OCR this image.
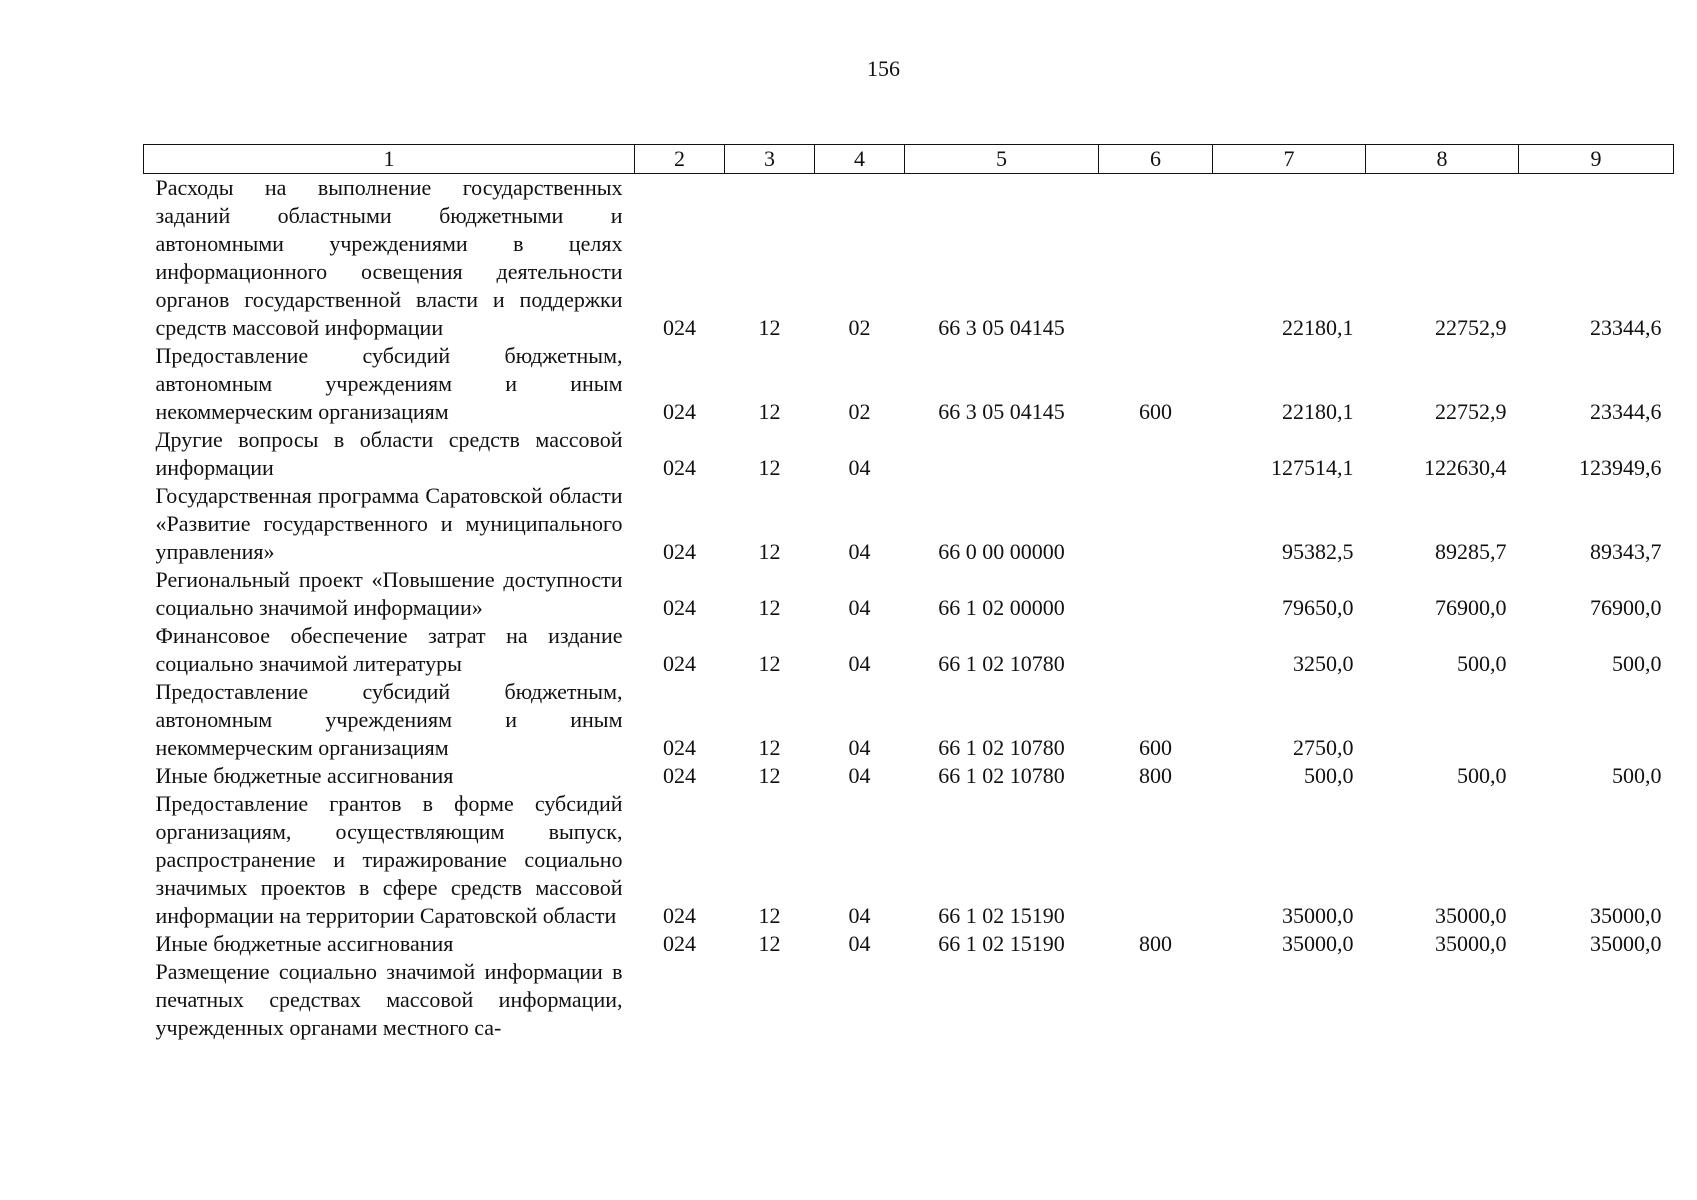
156
1	2	3	4	5	6	7	8	9
Расходы на выполнение государственных заданий областными бюджетными и автономными учреждениями в целях информационного освещения деятельности органов государственной власти и поддержки средств массовой информации	024	12	02	66 3 05 04145		22180,1	22752,9	23344,6
Предоставление субсидий бюджетным, автономным учреждениям и иным некоммерческим организациям	024	12	02	66 3 05 04145	600	22180,1	22752,9	23344,6
Другие вопросы в области средств массовой информации	024	12	04			127514,1	122630,4	123949,6
Государственная программа Саратовской области «Развитие государственного и муниципального управления»	024	12	04	66 0 00 00000		95382,5	89285,7	89343,7
Региональный проект «Повышение доступности социально значимой информации»	024	12	04	66 1 02 00000		79650,0	76900,0	76900,0
Финансовое обеспечение затрат на издание социально значимой литературы	024	12	04	66 1 02 10780		3250,0	500,0	500,0
Предоставление субсидий бюджетным, автономным учреждениям и иным некоммерческим организациям	024	12	04	66 1 02 10780	600	2750,0		
Иные бюджетные ассигнования	024	12	04	66 1 02 10780	800	500,0	500,0	500,0
Предоставление грантов в форме субсидий организациям, осуществляющим выпуск, распространение и тиражирование социально значимых проектов в сфере средств массовой информации на территории Саратовской области	024	12	04	66 1 02 15190		35000,0	35000,0	35000,0
Иные бюджетные ассигнования	024	12	04	66 1 02 15190	800	35000,0	35000,0	35000,0
Размещение социально значимой информации в печатных средствах массовой информации, учрежденных органами местного са-								
